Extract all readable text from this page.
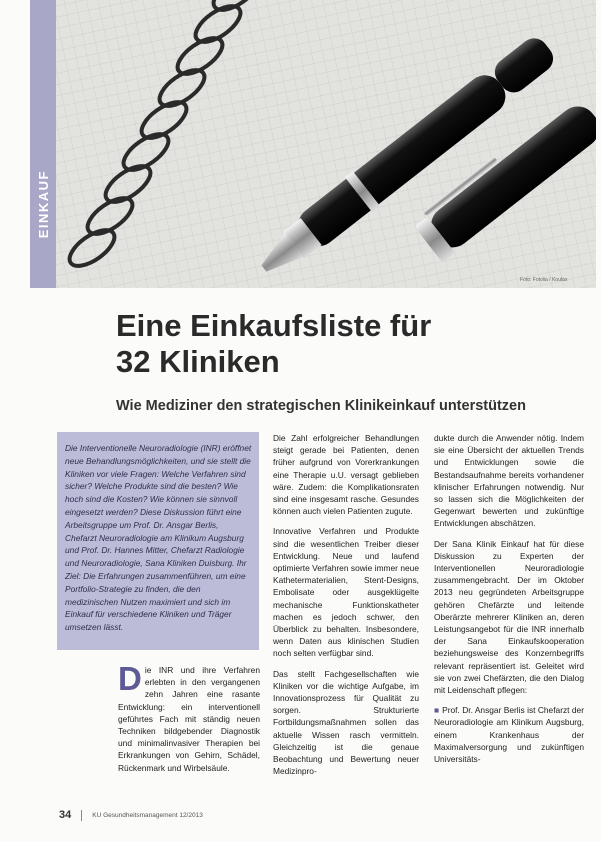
EINKAUF
Foto: Fotolia / Koufax
Eine Einkaufsliste für
32 Kliniken
Wie Mediziner den strategischen Klinikeinkauf unterstützen
Die Interventionelle Neuroradiologie (INR) eröffnet neue Behandlungsmöglichkeiten, und sie stellt die Kliniken vor viele Fragen: Welche Verfahren sind sicher? Welche Produkte sind die besten? Wie hoch sind die Kosten? Wie können sie sinnvoll eingesetzt werden? Diese Diskussion führt eine Arbeitsgruppe um Prof. Dr. Ansgar Berlis, Chefarzt Neuroradiologie am Klinikum Augsburg und Prof. Dr. Hannes Mitter, Chefarzt Radiologie und Neuroradiologie, Sana Kliniken Duisburg. Ihr Ziel: Die Erfahrungen zusammenführen, um eine Portfolio-Strategie zu finden, die den medizinischen Nutzen maximiert und sich im Einkauf für verschiedene Kliniken und Träger umsetzen lässt.
Die INR und ihre Verfahren erlebten in den vergangenen zehn Jahren eine rasante Entwicklung: ein interventionell geführtes Fach mit ständig neuen Techniken bildgebender Diagnostik und minimalinvasiver Therapien bei Erkrankungen von Gehirn, Schädel, Rückenmark und Wirbelsäule.

Die Zahl erfolgreicher Behandlungen steigt gerade bei Patienten, denen früher aufgrund von Vorerkrankungen eine Therapie u.U. versagt geblieben wäre. Zudem: die Komplikationsraten sind eine insgesamt rasche. Gesundes können auch vielen Patienten zugute.

Innovative Verfahren und Produkte sind die wesentlichen Treiber dieser Entwicklung. Neue und laufend optimierte Verfahren sowie immer neue Kathetermaterialien, Stent-Designs, Embolisate oder ausgeklügelte mechanische Funktionskatheter machen es jedoch schwer, den Überblick zu behalten. Insbesondere, wenn Daten aus klinischen Studien noch selten verfügbar sind.

Das stellt Fachgesellschaften wie Kliniken vor die wichtige Aufgabe, im Innovationsprozess für Qualität zu sorgen. Strukturierte Fortbildungsmaßnahmen sollen das aktuelle Wissen rasch vermitteln. Gleichzeitig ist die genaue Beobachtung und Bewertung neuer Medizinpro-

dukte durch die Anwender nötig. Indem sie eine Übersicht der aktuellen Trends und Entwicklungen sowie die Bestandsaufnahme bereits vorhandener klinischer Erfahrungen notwendig. Nur so lassen sich die Möglichkeiten der Gegenwart bewerten und zukünftige Entwicklungen abschätzen.

Der Sana Klinik Einkauf hat für diese Diskussion zu Experten der Interventionellen Neuroradiologie zusammengebracht. Der im Oktober 2013 neu gegründeten Arbeitsgruppe gehören Chefärzte und leitende Oberärzte mehrerer Kliniken an, deren Leistungsangebot für die INR innerhalb der Sana Einkaufskooperation beziehungsweise des Konzernbegriffs relevant repräsentiert ist. Geleitet wird sie von zwei Chefärzten, die den Dialog mit Leidenschaft pflegen:

■ Prof. Dr. Ansgar Berlis ist Chefarzt der Neuroradiologie am Klinikum Augsburg, einem Krankenhaus der Maximalversorgung und zukünftigen Universitäts-

34	KU Gesundheitsmanagement 12/2013
